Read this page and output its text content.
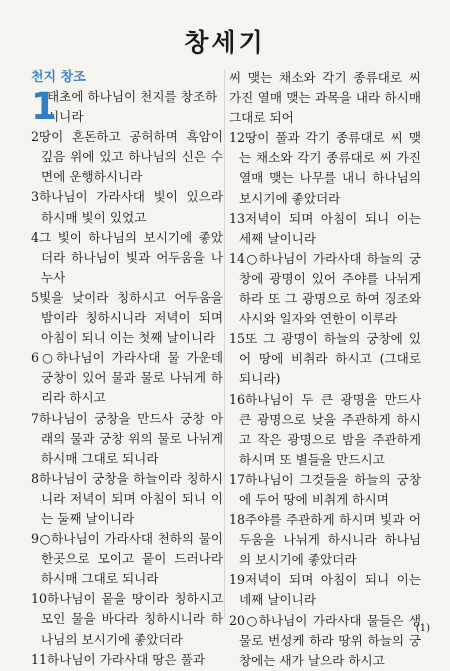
창세기
천지 창조
1
태초에 하나님이 천지를 창조하시니라
2땅이 혼돈하고 공허하며 흑암이 깊음 위에 있고 하나님의 신은 수면에 운행하시니라
3하나님이 가라사대 빛이 있으라 하시매 빛이 있었고
4그 빛이 하나님의 보시기에 좋았더라 하나님이 빛과 어두움을 나누사
5빛을 낮이라 칭하시고 어두움을 밤이라 칭하시니라 저녁이 되며 아침이 되니 이는 첫째 날이니라
6○하나님이 가라사대 물 가운데 궁창이 있어 물과 물로 나뉘게 하리라 하시고
7하나님이 궁창을 만드사 궁창 아래의 물과 궁창 위의 물로 나뉘게 하시매 그대로 되니라
8하나님이 궁창을 하늘이라 칭하시니라 저녁이 되며 아침이 되니 이는 둘째 날이니라
9○하나님이 가라사대 천하의 물이 한곳으로 모이고 뭍이 드러나라 하시매 그대로 되니라
10하나님이 뭍을 땅이라 칭하시고 모인 물을 바다라 칭하시니라 하나님의 보시기에 좋았더라
11하나님이 가라사대 땅은 풀과
씨 맺는 채소와 각기 종류대로 씨 가진 열매 맺는 과목을 내라 하시매 그대로 되어
12땅이 풀과 각기 종류대로 씨 맺는 채소와 각기 종류대로 씨 가진 열매 맺는 나무를 내니 하나님의 보시기에 좋았더라
13저녁이 되며 아침이 되니 이는 세째 날이니라
14○하나님이 가라사대 하늘의 궁창에 광명이 있어 주야를 나뉘게 하라 또 그 광명으로 하여 징조와 사시와 일자와 연한이 이루라
15또 그 광명이 하늘의 궁창에 있어 땅에 비취라 하시고 (그대로 되니라)
16하나님이 두 큰 광명을 만드사 큰 광명으로 낮을 주관하게 하시고 작은 광명으로 밤을 주관하게 하시며 또 별들을 만드시고
17하나님이 그것들을 하늘의 궁창에 두어 땅에 비취게 하시며
18주야를 주관하게 하시며 빛과 어두움을 나뉘게 하시니라 하나님의 보시기에 좋았더라
19저녁이 되며 아침이 되니 이는 네째 날이니라
20○하나님이 가라사대 물들은 생물로 번성케 하라 땅위 하늘의 궁창에는 새가 날으라 하시고
(1)
